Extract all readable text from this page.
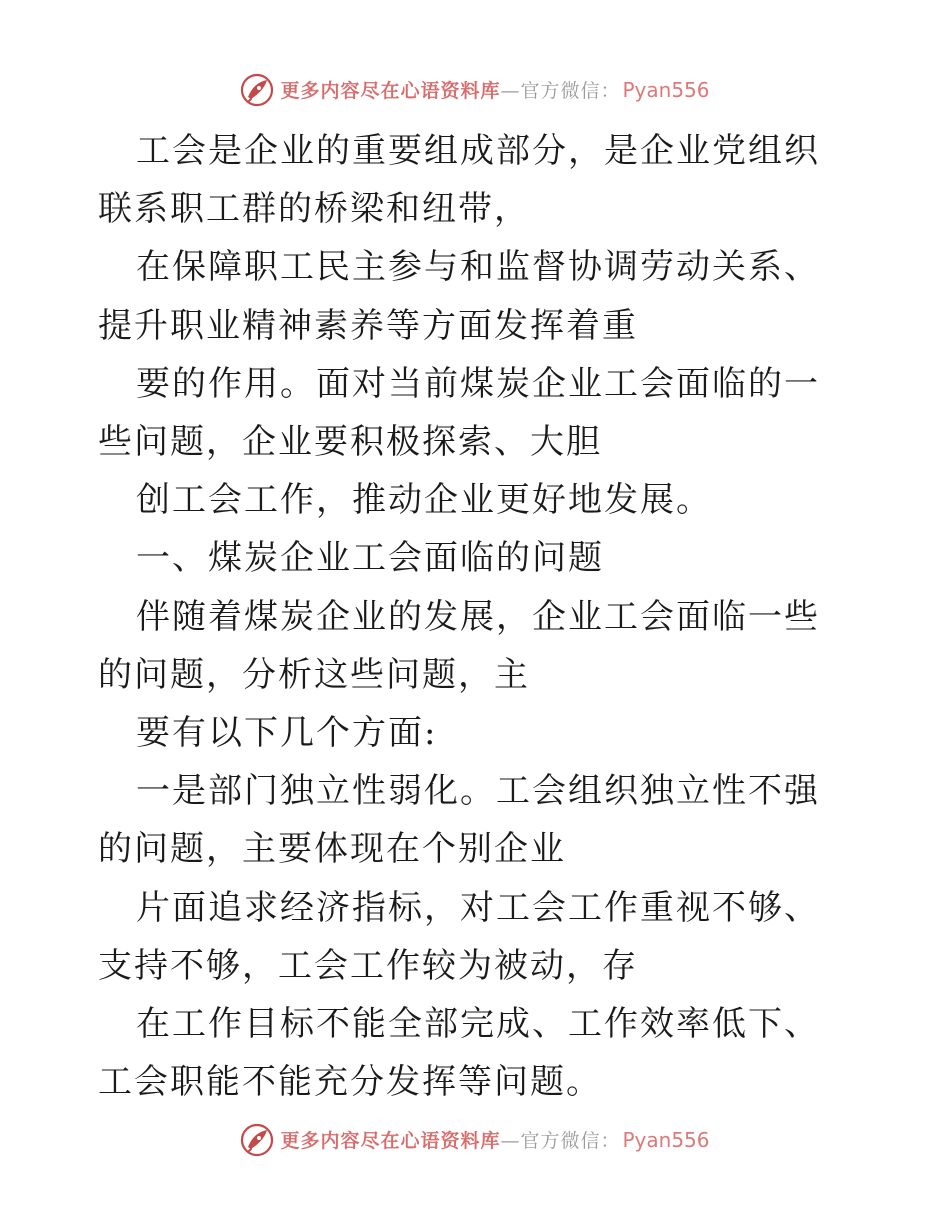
更多内容尽在心语资料库 — 官方微信： Pyan556

工会是企业的重要组成部分，是企业党组织联系职工群的桥梁和纽带，

在保障职工民主参与和监督协调劳动关系、提升职业精神素养等方面发挥着重

要的作用。面对当前煤炭企业工会面临的一些问题，企业要积极探索、大胆

创工会工作，推动企业更好地发展。

一、煤炭企业工会面临的问题

伴随着煤炭企业的发展，企业工会面临一些的问题，分析这些问题，主

要有以下几个方面:

一是部门独立性弱化。工会组织独立性不强的问题，主要体现在个别企业

片面追求经济指标，对工会工作重视不够、支持不够，工会工作较为被动，存

在工作目标不能全部完成、工作效率低下、工会职能不能充分发挥等问题。

更多内容尽在心语资料库 — 官方微信： Pyan556
